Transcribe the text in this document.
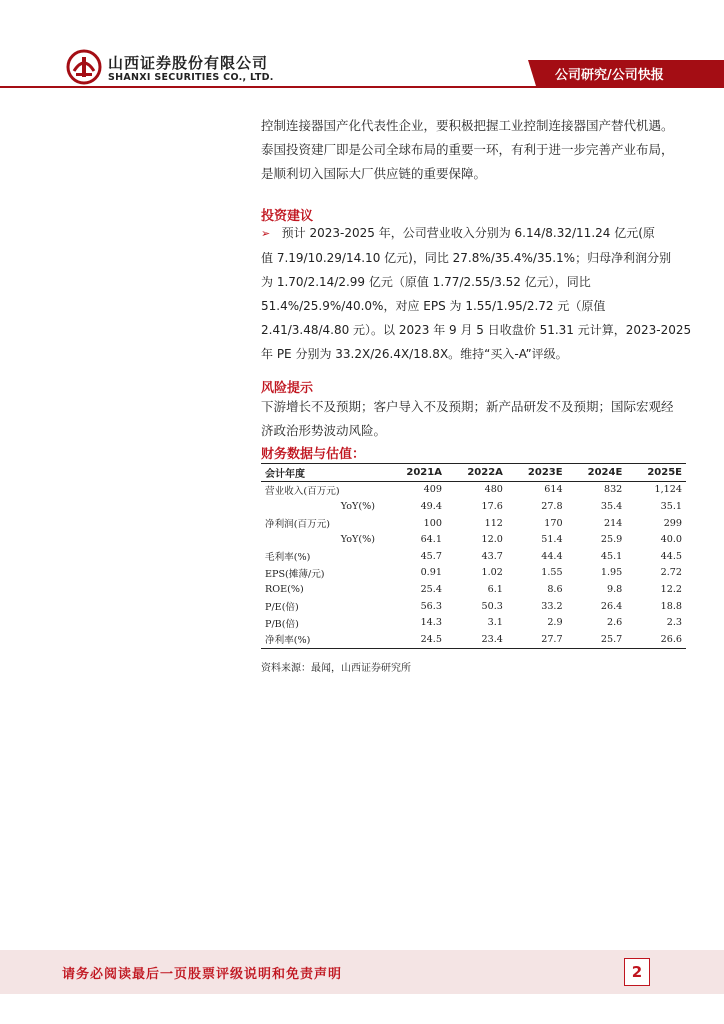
山西证券股份有限公司
SHANXI SECURITIES CO., LTD.	公司研究/公司快报
控制连接器国产化代表性企业，要积极把握工业控制连接器国产替代机遇。
泰国投资建厂即是公司全球布局的重要一环，有利于进一步完善产业布局，
是顺利切入国际大厂供应链的重要保障。
投资建议
➢ 预计 2023-2025 年，公司营业收入分别为 6.14/8.32/11.24 亿元(原
值 7.19/10.29/14.10 亿元)，同比 27.8%/35.4%/35.1%；归母净利润分别
为 1.70/2.14/2.99 亿元（原值 1.77/2.55/3.52 亿元），同比
51.4%/25.9%/40.0%，对应 EPS 为 1.55/1.95/2.72 元（原值
2.41/3.48/4.80 元）。以 2023 年 9 月 5 日收盘价 51.31 元计算，2023-2025
年 PE 分别为 33.2X/26.4X/18.8X。维持“买入-A”评级。
风险提示
下游增长不及预期；客户导入不及预期；新产品研发不及预期；国际宏观经
济政治形势波动风险。
财务数据与估值：
会计年度	2021A	2022A	2023E	2024E	2025E
营业收入(百万元)	409	480	614	832	1,124
YoY(%)	49.4	17.6	27.8	35.4	35.1
净利润(百万元)	100	112	170	214	299
YoY(%)	64.1	12.0	51.4	25.9	40.0
毛利率(%)	45.7	43.7	44.4	45.1	44.5
EPS(摊薄/元)	0.91	1.02	1.55	1.95	2.72
ROE(%)	25.4	6.1	8.6	9.8	12.2
P/E(倍)	56.3	50.3	33.2	26.4	18.8
P/B(倍)	14.3	3.1	2.9	2.6	2.3
净利率(%)	24.5	23.4	27.7	25.7	26.6
资料来源：最闻，山西证券研究所
请务必阅读最后一页股票评级说明和免责声明	2
